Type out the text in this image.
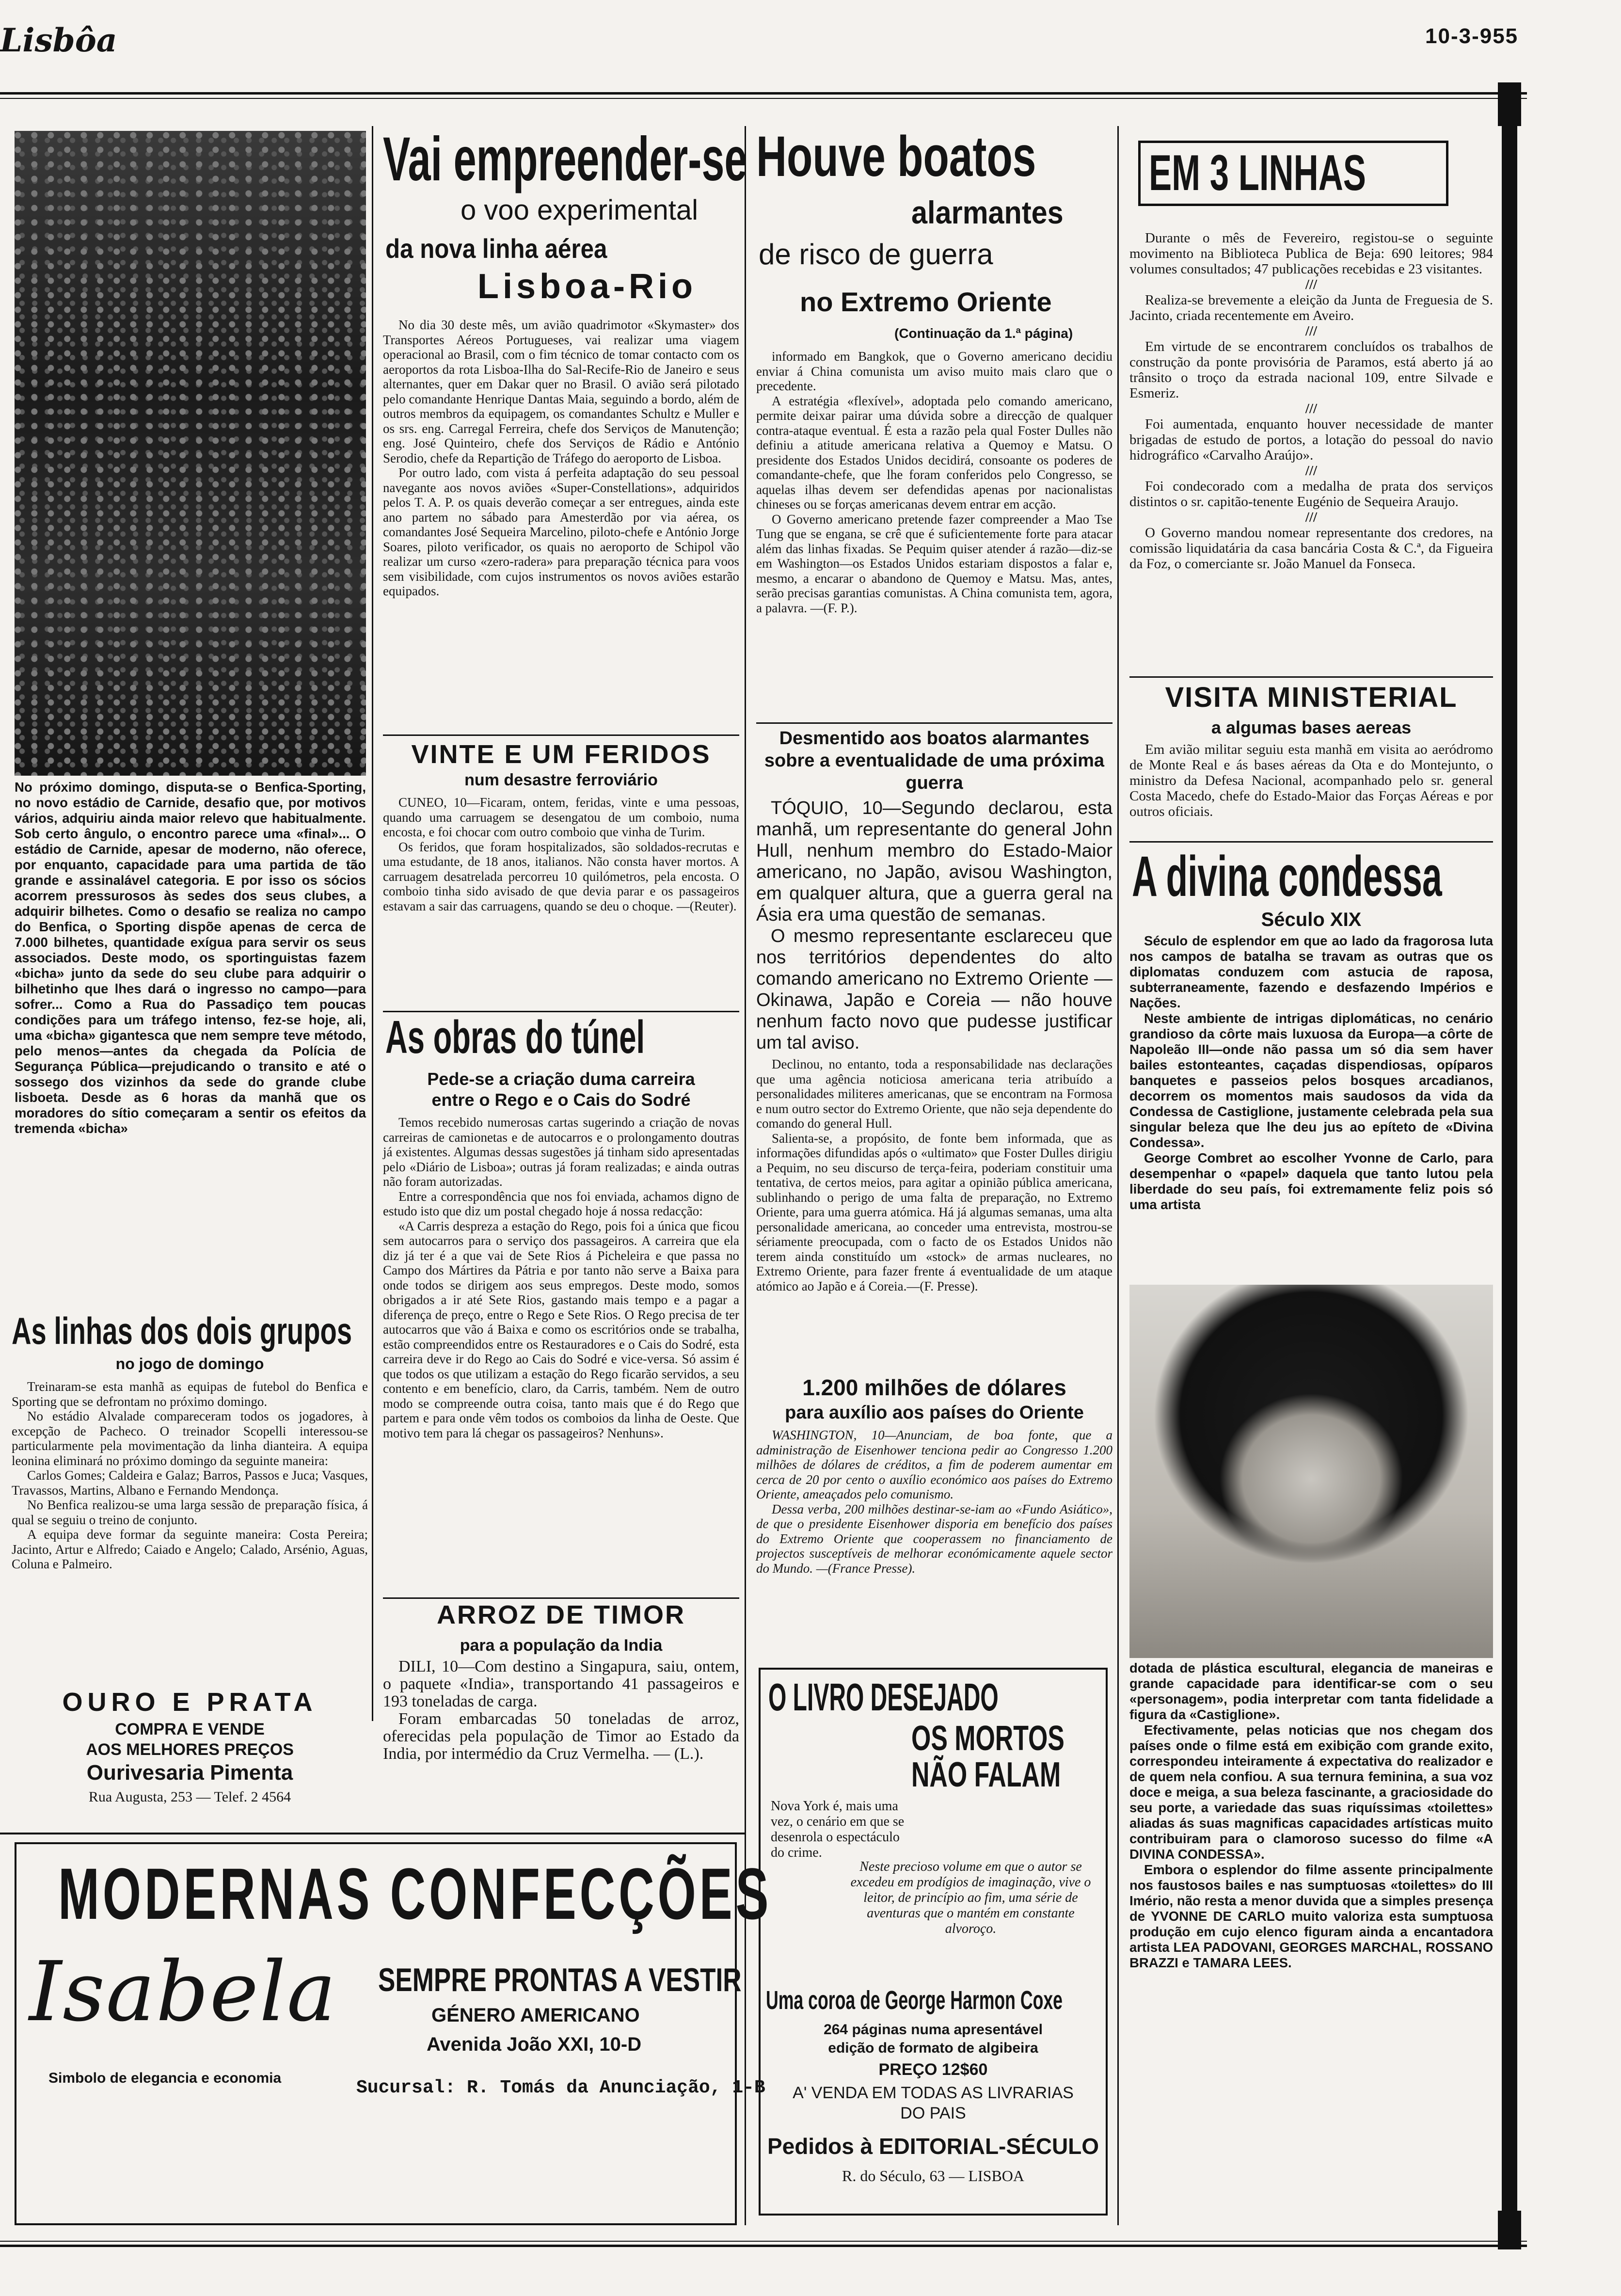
Lisbôa	10-3-955
No próximo domingo, disputa-se o Benfica-Sporting, no novo estádio de Carnide, desafio que, por motivos vários, adquiriu ainda maior relevo que habitualmente. Sob certo ângulo, o encontro parece uma «final»... O estádio de Carnide, apesar de moderno, não oferece, por enquanto, capacidade para uma partida de tão grande e assinalável categoria. E por isso os sócios acorrem pressurosos às sedes dos seus clubes, a adquirir bilhetes. Como o desafio se realiza no campo do Benfica, o Sporting dispõe apenas de cerca de 7.000 bilhetes, quantidade exígua para servir os seus associados. Deste modo, os sportinguistas fazem «bicha» junto da sede do seu clube para adquirir o bilhetinho que lhes dará o ingresso no campo—para sofrer... Como a Rua do Passadiço tem poucas condições para um tráfego intenso, fez-se hoje, ali, uma «bicha» gigantesca que nem sempre teve método, pelo menos—antes da chegada da Polícia de Segurança Pública—prejudicando o transito e até o sossego dos vizinhos da sede do grande clube lisboeta. Desde as 6 horas da manhã que os moradores do sítio começaram a sentir os efeitos da tremenda «bicha»
As linhas dos dois grupos
no jogo de domingo

Treinaram-se esta manhã as equipas de futebol do Benfica e Sporting que se defrontam no próximo domingo.

No estádio Alvalade compareceram todos os jogadores, à excepção de Pacheco. O treinador Scopelli interessou-se particularmente pela movimentação da linha dianteira. A equipa leonina eliminará no próximo domingo da seguinte maneira:

Carlos Gomes; Caldeira e Galaz; Barros, Passos e Juca; Vasques, Travassos, Martins, Albano e Fernando Mendonça.

No Benfica realizou-se uma larga sessão de preparação física, á qual se seguiu o treino de conjunto.

A equipa deve formar da seguinte maneira: Costa Pereira; Jacinto, Artur e Alfredo; Caiado e Angelo; Calado, Arsénio, Aguas, Coluna e Palmeiro.

OURO E PRATA
COMPRA E VENDE
AOS MELHORES PREÇOS
Ourivesaria Pimenta
Rua Augusta, 253 — Telef. 2 4564
Vai empreender-se
o voo experimental
da nova linha aérea
Lisboa-Rio

No dia 30 deste mês, um avião quadrimotor «Skymaster» dos Transportes Aéreos Portugueses, vai realizar uma viagem operacional ao Brasil, com o fim técnico de tomar contacto com os aeroportos da rota Lisboa-Ilha do Sal-Recife-Rio de Janeiro e seus alternantes, quer em Dakar quer no Brasil. O avião será pilotado pelo comandante Henrique Dantas Maia, seguindo a bordo, além de outros membros da equipagem, os comandantes Schultz e Muller e os srs. eng. Carregal Ferreira, chefe dos Serviços de Manutenção; eng. José Quinteiro, chefe dos Serviços de Rádio e António Serodio, chefe da Repartição de Tráfego do aeroporto de Lisboa.

Por outro lado, com vista á perfeita adaptação do seu pessoal navegante aos novos aviões «Super-Constellations», adquiridos pelos T. A. P. os quais deverão começar a ser entregues, ainda este ano partem no sábado para Amesterdão por via aérea, os comandantes José Sequeira Marcelino, piloto-chefe e António Jorge Soares, piloto verificador, os quais no aeroporto de Schipol vão realizar um curso «zero-radera» para preparação técnica para voos sem visibilidade, com cujos instrumentos os novos aviões estarão equipados.

VINTE E UM FERIDOS
num desastre ferroviário

CUNEO, 10—Ficaram, ontem, feridas, vinte e uma pessoas, quando uma carruagem se desengatou de um comboio, numa encosta, e foi chocar com outro comboio que vinha de Turim.

Os feridos, que foram hospitalizados, são soldados-recrutas e uma estudante, de 18 anos, italianos. Não consta haver mortos. A carruagem desatrelada percorreu 10 quilómetros, pela encosta. O comboio tinha sido avisado de que devia parar e os passageiros estavam a sair das carruagens, quando se deu o choque. —(Reuter).

As obras do túnel
Pede-se a criação duma carreira
entre o Rego e o Cais do Sodré

Temos recebido numerosas cartas sugerindo a criação de novas carreiras de camionetas e de autocarros e o prolongamento doutras já existentes. Algumas dessas sugestões já tinham sido apresentadas pelo «Diário de Lisboa»; outras já foram realizadas; e ainda outras não foram autorizadas.

Entre a correspondência que nos foi enviada, achamos digno de estudo isto que diz um postal chegado hoje á nossa redacção:

«A Carris despreza a estação do Rego, pois foi a única que ficou sem autocarros para o serviço dos passageiros. A carreira que ela diz já ter é a que vai de Sete Rios á Picheleira e que passa no Campo dos Mártires da Pátria e por tanto não serve a Baixa para onde todos se dirigem aos seus empregos. Deste modo, somos obrigados a ir até Sete Rios, gastando mais tempo e a pagar a diferença de preço, entre o Rego e Sete Rios. O Rego precisa de ter autocarros que vão á Baixa e como os escritórios onde se trabalha, estão compreendidos entre os Restauradores e o Cais do Sodré, esta carreira deve ir do Rego ao Cais do Sodré e vice-versa. Só assim é que todos os que utilizam a estação do Rego ficarão servidos, a seu contento e em benefício, claro, da Carris, também. Nem de outro modo se compreende outra coisa, tanto mais que é do Rego que partem e para onde vêm todos os comboios da linha de Oeste. Que motivo tem para lá chegar os passageiros? Nenhuns».

ARROZ DE TIMOR
para a população da India

DILI, 10—Com destino a Singapura, saiu, ontem, o paquete «India», transportando 41 passageiros e 193 toneladas de carga.

Foram embarcadas 50 toneladas de arroz, oferecidas pela população de Timor ao Estado da India, por intermédio da Cruz Vermelha. — (L.).

Houve boatos
alarmantes
de risco de guerra
no Extremo Oriente
(Continuação da 1.ª página)

informado em Bangkok, que o Governo americano decidiu enviar á China comunista um aviso muito mais claro que o precedente.

A estratégia «flexível», adoptada pelo comando americano, permite deixar pairar uma dúvida sobre a direcção de qualquer contra-ataque eventual. É esta a razão pela qual Foster Dulles não definiu a atitude americana relativa a Quemoy e Matsu. O presidente dos Estados Unidos decidirá, consoante os poderes de comandante-chefe, que lhe foram conferidos pelo Congresso, se aquelas ilhas devem ser defendidas apenas por nacionalistas chineses ou se forças americanas devem entrar em acção.

O Governo americano pretende fazer compreender a Mao Tse Tung que se engana, se crê que é suficientemente forte para atacar além das linhas fixadas. Se Pequim quiser atender á razão—diz-se em Washington—os Estados Unidos estariam dispostos a falar e, mesmo, a encarar o abandono de Quemoy e Matsu. Mas, antes, serão precisas garantias comunistas. A China comunista tem, agora, a palavra. —(F. P.).

Desmentido aos boatos alarmantes sobre a eventualidade de uma próxima guerra

TÓQUIO, 10—Segundo declarou, esta manhã, um representante do general John Hull, nenhum membro do Estado-Maior americano, no Japão, avisou Washington, em qualquer altura, que a guerra geral na Ásia era uma questão de semanas.

O mesmo representante esclareceu que nos territórios dependentes do alto comando americano no Extremo Oriente — Okinawa, Japão e Coreia — não houve nenhum facto novo que pudesse justificar um tal aviso.

Declinou, no entanto, toda a responsabilidade nas declarações que uma agência noticiosa americana teria atribuído a personalidades militeres americanas, que se encontram na Formosa e num outro sector do Extremo Oriente, que não seja dependente do comando do general Hull.

Salienta-se, a propósito, de fonte bem informada, que as informações difundidas após o «ultimato» que Foster Dulles dirigiu a Pequim, no seu discurso de terça-feira, poderiam constituir uma tentativa, de certos meios, para agitar a opinião pública americana, sublinhando o perigo de uma falta de preparação, no Extremo Oriente, para uma guerra atómica. Há já algumas semanas, uma alta personalidade americana, ao conceder uma entrevista, mostrou-se sériamente preocupada, com o facto de os Estados Unidos não terem ainda constituído um «stock» de armas nucleares, no Extremo Oriente, para fazer frente á eventualidade de um ataque atómico ao Japão e á Coreia.—(F. Presse).

1.200 milhões de dólares
para auxílio aos países do Oriente

WASHINGTON, 10—Anunciam, de boa fonte, que a administração de Eisenhower tenciona pedir ao Congresso 1.200 milhões de dólares de créditos, a fim de poderem aumentar em cerca de 20 por cento o auxílio económico aos países do Extremo Oriente, ameaçados pelo comunismo.

Dessa verba, 200 milhões destinar-se-iam ao «Fundo Asiático», de que o presidente Eisenhower disporia em benefício dos países do Extremo Oriente que cooperassem no financiamento de projectos susceptíveis de melhorar económicamente aquele sector do Mundo. —(France Presse).

O LIVRO DESEJADO
OS MORTOS
NÃO FALAM
Nova York é, mais uma vez, o cenário em que se desenrola o espectáculo do crime.
Neste precioso volume em que o autor se excedeu em prodígios de imaginação, vive o leitor, de princípio ao fim, uma série de aventuras que o mantém em constante alvoroço.
Uma coroa de George Harmon Coxe
264 páginas numa apresentável
edição de formato de algibeira
PREÇO 12$60
A' VENDA EM TODAS AS LIVRARIAS
DO PAIS
Pedidos à EDITORIAL-SÉCULO
R. do Século, 63 — LISBOA
EM 3 LINHAS

Durante o mês de Fevereiro, registou-se o seguinte movimento na Biblioteca Publica de Beja: 690 leitores; 984 volumes consultados; 47 publicações recebidas e 23 visitantes.

///

Realiza-se brevemente a eleição da Junta de Freguesia de S. Jacinto, criada recentemente em Aveiro.

///

Em virtude de se encontrarem concluídos os trabalhos de construção da ponte provisória de Paramos, está aberto já ao trânsito o troço da estrada nacional 109, entre Silvade e Esmeriz.

///

Foi aumentada, enquanto houver necessidade de manter brigadas de estudo de portos, a lotação do pessoal do navio hidrográfico «Carvalho Araújo».

///

Foi condecorado com a medalha de prata dos serviços distintos o sr. capitão-tenente Eugénio de Sequeira Araujo.

///

O Governo mandou nomear representante dos credores, na comissão liquidatária da casa bancária Costa & C.ª, da Figueira da Foz, o comerciante sr. João Manuel da Fonseca.

VISITA MINISTERIAL
a algumas bases aereas

Em avião militar seguiu esta manhã em visita ao aeródromo de Monte Real e ás bases aéreas da Ota e do Montejunto, o ministro da Defesa Nacional, acompanhado pelo sr. general Costa Macedo, chefe do Estado-Maior das Forças Aéreas e por outros oficiais.

A divina condessa
Século XIX

Século de esplendor em que ao lado da fragorosa luta nos campos de batalha se travam as outras que os diplomatas conduzem com astucia de raposa, subterraneamente, fazendo e desfazendo Impérios e Nações.

Neste ambiente de intrigas diplomáticas, no cenário grandioso da côrte mais luxuosa da Europa—a côrte de Napoleão III—onde não passa um só dia sem haver bailes estonteantes, caçadas dispendiosas, opíparos banquetes e passeios pelos bosques arcadianos, decorrem os momentos mais saudosos da vida da Condessa de Castiglione, justamente celebrada pela sua singular beleza que lhe deu jus ao epíteto de «Divina Condessa».

George Combret ao escolher Yvonne de Carlo, para desempenhar o «papel» daquela que tanto lutou pela liberdade do seu país, foi extremamente feliz pois só uma artista

dotada de plástica escultural, elegancia de maneiras e grande capacidade para identificar-se com o seu «personagem», podia interpretar com tanta fidelidade a figura da «Castiglione».

Efectivamente, pelas noticias que nos chegam dos países onde o filme está em exibição com grande exito, correspondeu inteiramente á expectativa do realizador e de quem nela confiou. A sua ternura feminina, a sua voz doce e meiga, a sua beleza fascinante, a graciosidade do seu porte, a variedade das suas riquíssimas «toilettes» aliadas ás suas magnificas capacidades artísticas muito contribuiram para o clamoroso sucesso do filme «A DIVINA CONDESSA».

Embora o esplendor do filme assente principalmente nos faustosos bailes e nas sumptuosas «toilettes» do III Imério, não resta a menor duvida que a simples presença de YVONNE DE CARLO muito valoriza esta sumptuosa produção em cujo elenco figuram ainda a encantadora artista LEA PADOVANI, GEORGES MARCHAL, ROSSANO BRAZZI e TAMARA LEES.

MODERNAS CONFECÇÕES
Isabela
Simbolo de elegancia e economia
SEMPRE PRONTAS A VESTIR
GÉNERO AMERICANO
Avenida João XXI, 10-D
Sucursal: R. Tomás da Anunciação, 1-B
